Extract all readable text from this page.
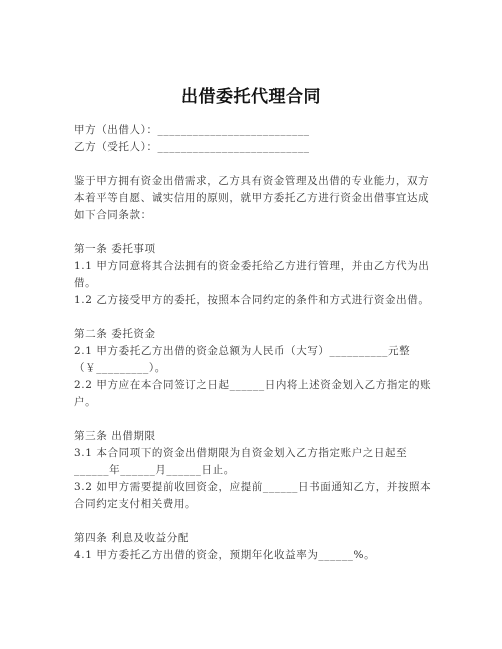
出借委托代理合同

甲方（出借人）：__________________________

乙方（受托人）：__________________________

鉴于甲方拥有资金出借需求，乙方具有资金管理及出借的专业能力，双方本着平等自愿、诚实信用的原则，就甲方委托乙方进行资金出借事宜达成如下合同条款：

第一条 委托事项

1.1 甲方同意将其合法拥有的资金委托给乙方进行管理，并由乙方代为出借。

1.2 乙方接受甲方的委托，按照本合同约定的条件和方式进行资金出借。

第二条 委托资金

2.1 甲方委托乙方出借的资金总额为人民币（大写）__________元整（￥_________）。

2.2 甲方应在本合同签订之日起______日内将上述资金划入乙方指定的账户。

第三条 出借期限

3.1 本合同项下的资金出借期限为自资金划入乙方指定账户之日起至______年______月______日止。

3.2 如甲方需要提前收回资金，应提前______日书面通知乙方，并按照本合同约定支付相关费用。

第四条 利息及收益分配

4.1 甲方委托乙方出借的资金，预期年化收益率为______%。
